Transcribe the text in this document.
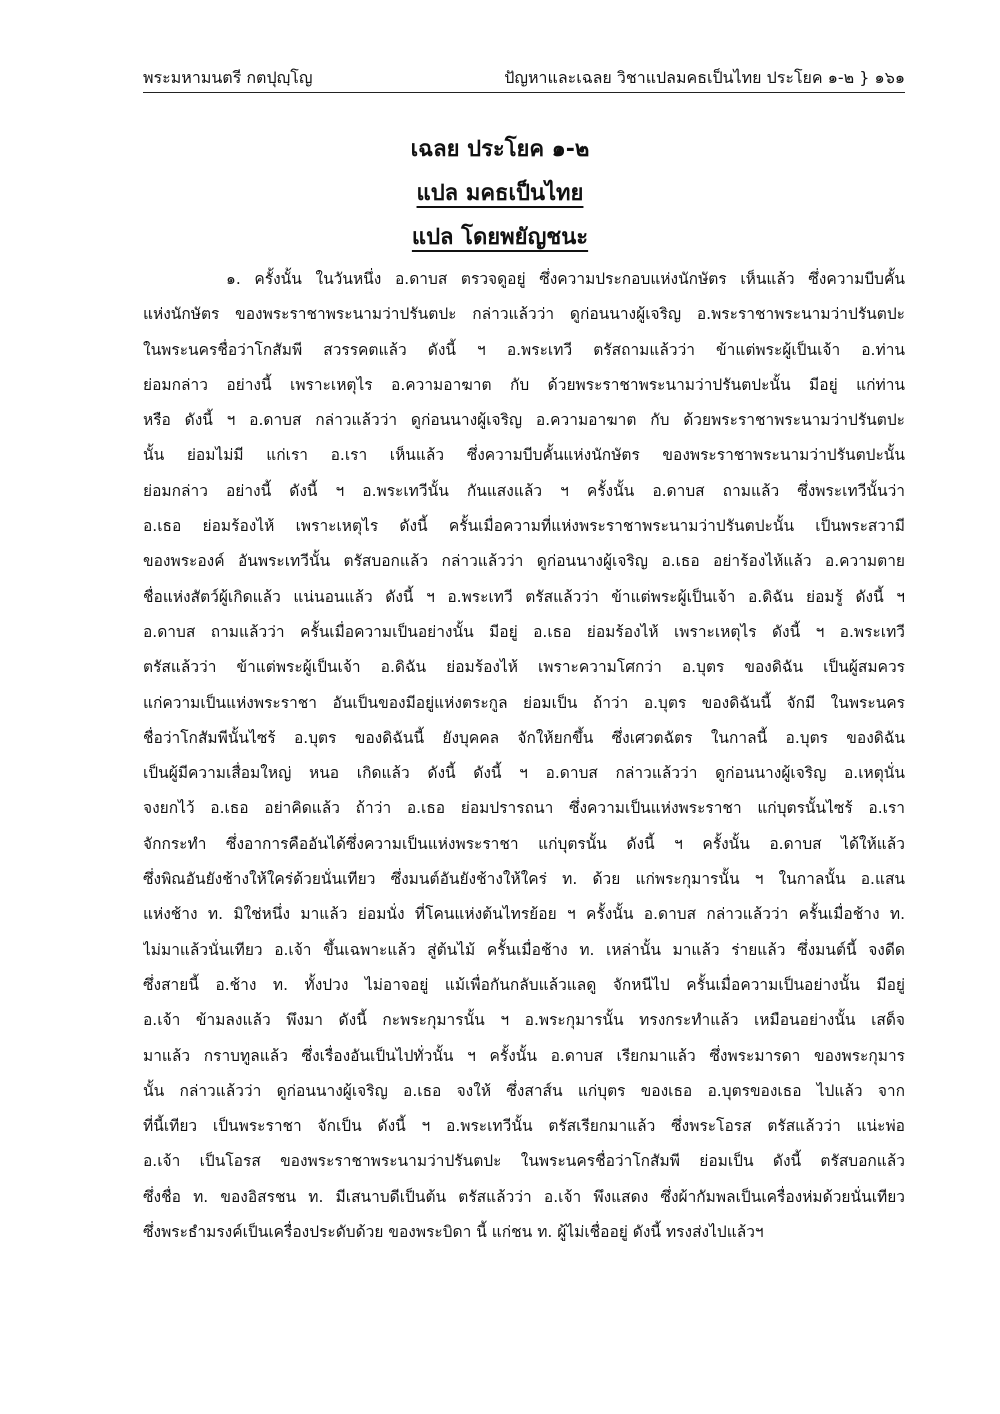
พระมหามนตรี กตปุญฺโญ	ปัญหาและเฉลย วิชาแปลมคธเป็นไทย ประโยค ๑-๒ } ๑๖๑
เฉลย ประโยค ๑-๒
แปล มคธเป็นไทย
แปล โดยพยัญชนะ
๑. ครั้งนั้น ในวันหนึ่ง อ.ดาบส ตรวจดูอยู่ ซึ่งความประกอบแห่งนักษัตร เห็นแล้ว ซึ่งความบีบคั้น
แห่งนักษัตร ของพระราชาพระนามว่าปรันตปะ กล่าวแล้วว่า ดูก่อนนางผู้เจริญ อ.พระราชาพระนามว่าปรันตปะ
ในพระนครชื่อว่าโกสัมพี สวรรคตแล้ว ดังนี้ ฯ อ.พระเทวี ตรัสถามแล้วว่า ข้าแต่พระผู้เป็นเจ้า อ.ท่าน
ย่อมกล่าว อย่างนี้ เพราะเหตุไร อ.ความอาฆาต กับ ด้วยพระราชาพระนามว่าปรันตปะนั้น มีอยู่ แก่ท่าน
หรือ ดังนี้ ฯ อ.ดาบส กล่าวแล้วว่า ดูก่อนนางผู้เจริญ อ.ความอาฆาต กับ ด้วยพระราชาพระนามว่าปรันตปะ
นั้น ย่อมไม่มี แก่เรา อ.เรา เห็นแล้ว ซึ่งความบีบคั้นแห่งนักษัตร ของพระราชาพระนามว่าปรันตปะนั้น
ย่อมกล่าว อย่างนี้ ดังนี้ ฯ อ.พระเทวีนั้น กันแสงแล้ว ฯ ครั้งนั้น อ.ดาบส ถามแล้ว ซึ่งพระเทวีนั้นว่า
อ.เธอ ย่อมร้องไห้ เพราะเหตุไร ดังนี้ ครั้นเมื่อความที่แห่งพระราชาพระนามว่าปรันตปะนั้น เป็นพระสวามี
ของพระองค์ อันพระเทวีนั้น ตรัสบอกแล้ว กล่าวแล้วว่า ดูก่อนนางผู้เจริญ อ.เธอ อย่าร้องไห้แล้ว อ.ความตาย
ชื่อแห่งสัตว์ผู้เกิดแล้ว แน่นอนแล้ว ดังนี้ ฯ อ.พระเทวี ตรัสแล้วว่า ข้าแต่พระผู้เป็นเจ้า อ.ดิฉัน ย่อมรู้ ดังนี้ ฯ
อ.ดาบส ถามแล้วว่า ครั้นเมื่อความเป็นอย่างนั้น มีอยู่ อ.เธอ ย่อมร้องไห้ เพราะเหตุไร ดังนี้ ฯ อ.พระเทวี
ตรัสแล้วว่า ข้าแต่พระผู้เป็นเจ้า อ.ดิฉัน ย่อมร้องไห้ เพราะความโศกว่า อ.บุตร ของดิฉัน เป็นผู้สมควร
แก่ความเป็นแห่งพระราชา อันเป็นของมีอยู่แห่งตระกูล ย่อมเป็น ถ้าว่า อ.บุตร ของดิฉันนี้ จักมี ในพระนคร
ชื่อว่าโกสัมพีนั้นไซร้ อ.บุตร ของดิฉันนี้ ยังบุคคล จักให้ยกขึ้น ซึ่งเศวตฉัตร ในกาลนี้ อ.บุตร ของดิฉัน
เป็นผู้มีความเสื่อมใหญ่ หนอ เกิดแล้ว ดังนี้ ดังนี้ ฯ อ.ดาบส กล่าวแล้วว่า ดูก่อนนางผู้เจริญ อ.เหตุนั่น
จงยกไว้ อ.เธอ อย่าคิดแล้ว ถ้าว่า อ.เธอ ย่อมปรารถนา ซึ่งความเป็นแห่งพระราชา แก่บุตรนั้นไซร้ อ.เรา
จักกระทำ ซึ่งอาการคืออันได้ซึ่งความเป็นแห่งพระราชา แก่บุตรนั้น ดังนี้ ฯ ครั้งนั้น อ.ดาบส ได้ให้แล้ว
ซึ่งพิณอันยังช้างให้ใคร่ด้วยนั่นเทียว ซึ่งมนต์อันยังช้างให้ใคร่ ท. ด้วย แก่พระกุมารนั้น ฯ ในกาลนั้น อ.แสน
แห่งช้าง ท. มิใช่หนึ่ง มาแล้ว ย่อมนั่ง ที่โคนแห่งต้นไทรย้อย ฯ ครั้งนั้น อ.ดาบส กล่าวแล้วว่า ครั้นเมื่อช้าง ท.
ไม่มาแล้วนั่นเทียว อ.เจ้า ขึ้นเฉพาะแล้ว สู่ต้นไม้ ครั้นเมื่อช้าง ท. เหล่านั้น มาแล้ว ร่ายแล้ว ซึ่งมนต์นี้ จงดีด
ซึ่งสายนี้ อ.ช้าง ท. ทั้งปวง ไม่อาจอยู่ แม้เพื่อกันกลับแล้วแลดู จักหนีไป ครั้นเมื่อความเป็นอย่างนั้น มีอยู่
อ.เจ้า ข้ามลงแล้ว พึงมา ดังนี้ กะพระกุมารนั้น ฯ อ.พระกุมารนั้น ทรงกระทำแล้ว เหมือนอย่างนั้น เสด็จ
มาแล้ว กราบทูลแล้ว ซึ่งเรื่องอันเป็นไปทั่วนั้น ฯ ครั้งนั้น อ.ดาบส เรียกมาแล้ว ซึ่งพระมารดา ของพระกุมาร
นั้น กล่าวแล้วว่า ดูก่อนนางผู้เจริญ อ.เธอ จงให้ ซึ่งสาส์น แก่บุตร ของเธอ อ.บุตรของเธอ ไปแล้ว จาก
ที่นี้เทียว เป็นพระราชา จักเป็น ดังนี้ ฯ อ.พระเทวีนั้น ตรัสเรียกมาแล้ว ซึ่งพระโอรส ตรัสแล้วว่า แน่ะพ่อ
อ.เจ้า เป็นโอรส ของพระราชาพระนามว่าปรันตปะ ในพระนครชื่อว่าโกสัมพี ย่อมเป็น ดังนี้ ตรัสบอกแล้ว
ซึ่งชื่อ ท. ของอิสรชน ท. มีเสนาบดีเป็นต้น ตรัสแล้วว่า อ.เจ้า พึงแสดง ซึ่งผ้ากัมพลเป็นเครื่องห่มด้วยนั่นเทียว
ซึ่งพระธำมรงค์เป็นเครื่องประดับด้วย ของพระบิดา นี้ แก่ชน ท. ผู้ไม่เชื่ออยู่ ดังนี้ ทรงส่งไปแล้วฯ
